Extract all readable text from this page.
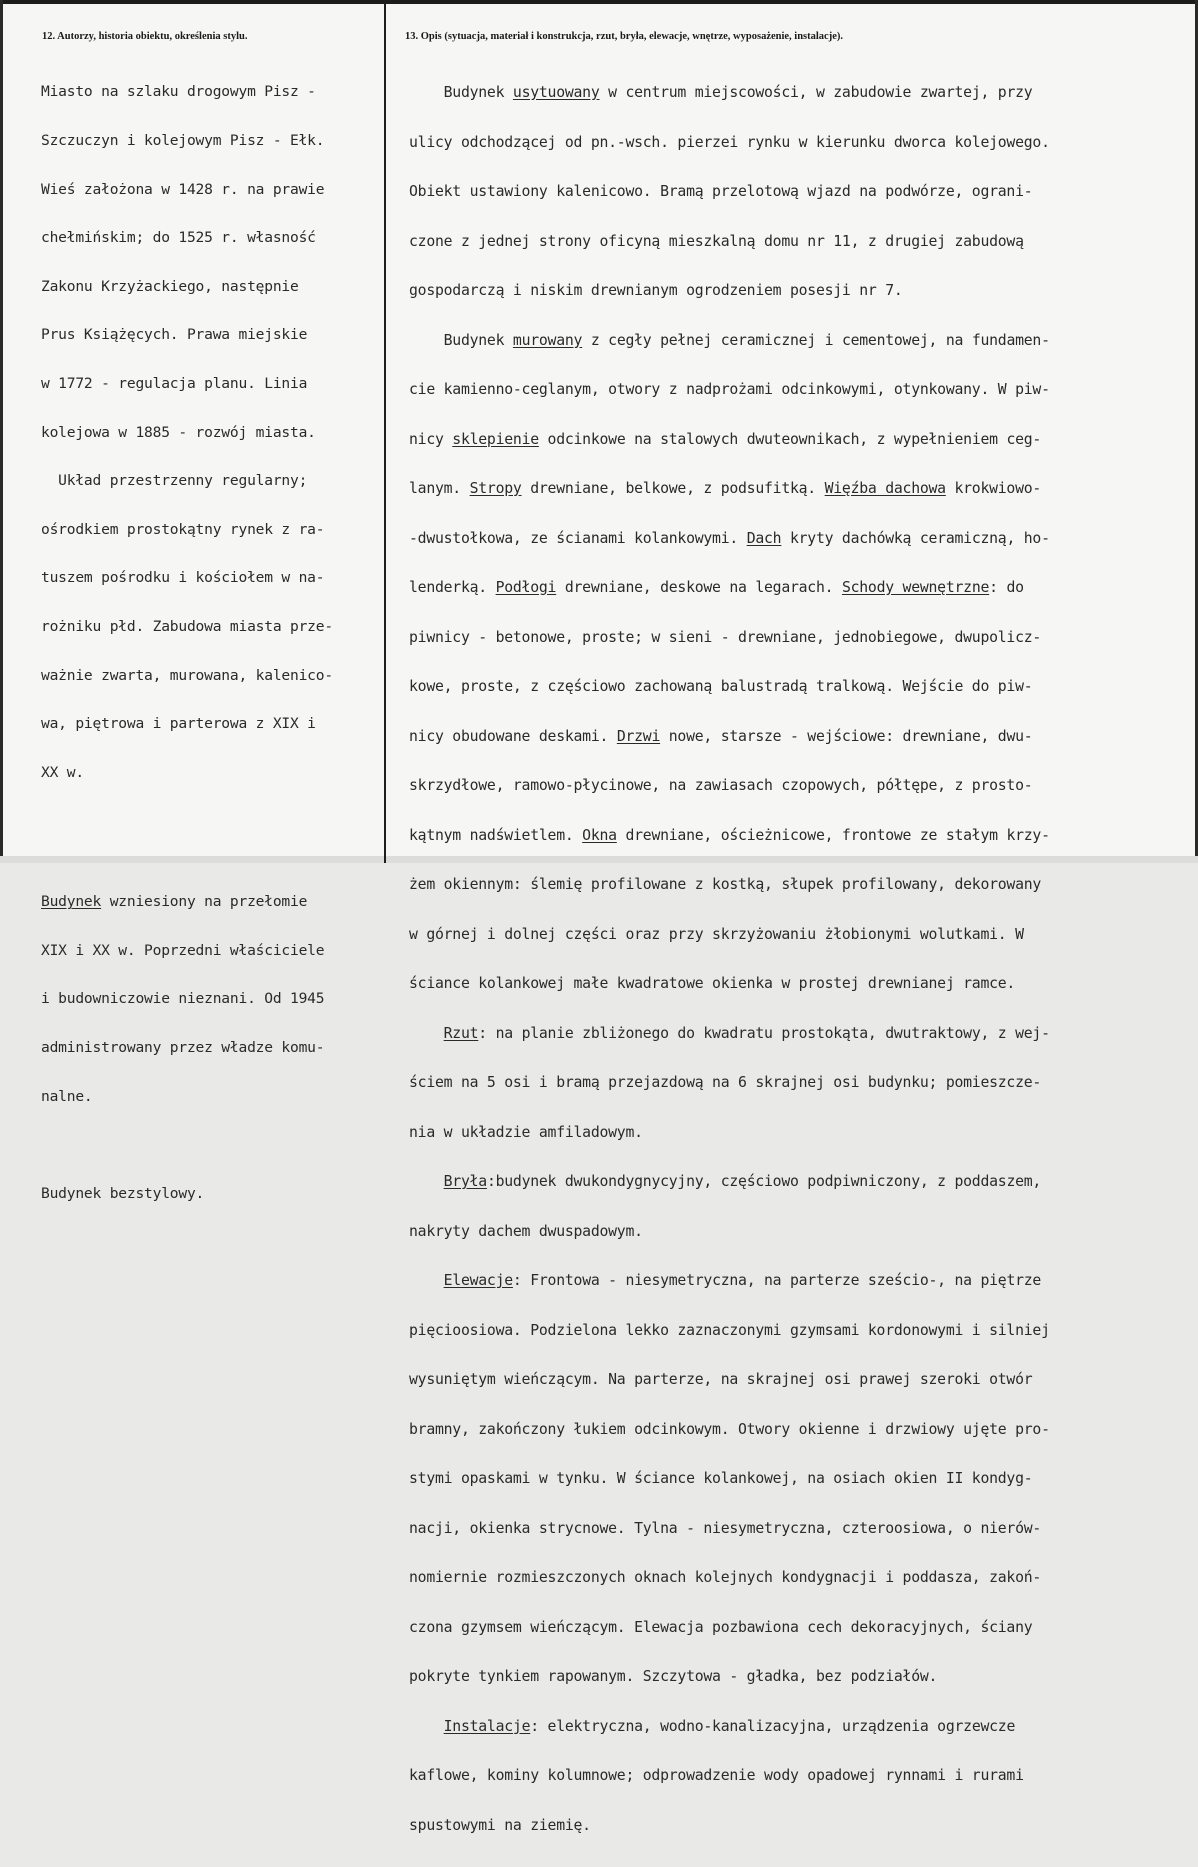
12. Autorzy, historia obiektu, określenia stylu.	13. Opis (sytuacja, materiał i konstrukcja, rzut, bryła, elewacje, wnętrze, wyposażenie, instalacje).

Miasto na szlaku drogowym Pisz -

Szczuczyn i kolejowym Pisz - Ełk.

Wieś założona w 1428 r. na prawie

chełmińskim; do 1525 r. własność

Zakonu Krzyżackiego, następnie

Prus Książęcych. Prawa miejskie

w 1772 - regulacja planu. Linia

kolejowa w 1885 - rozwój miasta.

Układ przestrzenny regularny;

ośrodkiem prostokątny rynek z ra-

tuszem pośrodku i kościołem w na-

rożniku płd. Zabudowa miasta prze-

ważnie zwarta, murowana, kalenico-

wa, piętrowa i parterowa z XIX i

XX w.

Budynek wzniesiony na przełomie

XIX i XX w. Poprzedni właściciele

i budowniczowie nieznani. Od 1945

administrowany przez władze komu-

nalne.

Budynek bezstylowy.

Budynek usytuowany w centrum miejscowości, w zabudowie zwartej, przy

ulicy odchodzącej od pn.-wsch. pierzei rynku w kierunku dworca kolejowego.

Obiekt ustawiony kalenicowo. Bramą przelotową wjazd na podwórze, ograni-

czone z jednej strony oficyną mieszkalną domu nr 11, z drugiej zabudową

gospodarczą i niskim drewnianym ogrodzeniem posesji nr 7.

Budynek murowany z cegły pełnej ceramicznej i cementowej, na fundamen-

cie kamienno-ceglanym, otwory z nadprożami odcinkowymi, otynkowany. W piw-

nicy sklepienie odcinkowe na stalowych dwuteownikach, z wypełnieniem ceg-

lanym. Stropy drewniane, belkowe, z podsufitką. Więźba dachowa krokwiowo-

-dwustołkowa, ze ścianami kolankowymi. Dach kryty dachówką ceramiczną, ho-

lenderką. Podłogi drewniane, deskowe na legarach. Schody wewnętrzne: do

piwnicy - betonowe, proste; w sieni - drewniane, jednobiegowe, dwupolicz-

kowe, proste, z częściowo zachowaną balustradą tralkową. Wejście do piw-

nicy obudowane deskami. Drzwi nowe, starsze - wejściowe: drewniane, dwu-

skrzydłowe, ramowo-płycinowe, na zawiasach czopowych, półtępe, z prosto-

kątnym nadświetlem. Okna drewniane, ościeżnicowe, frontowe ze stałym krzy-

żem okiennym: ślemię profilowane z kostką, słupek profilowany, dekorowany

w górnej i dolnej części oraz przy skrzyżowaniu żłobionymi wolutkami. W

ściance kolankowej małe kwadratowe okienka w prostej drewnianej ramce.

Rzut: na planie zbliżonego do kwadratu prostokąta, dwutraktowy, z wej-

ściem na 5 osi i bramą przejazdową na 6 skrajnej osi budynku; pomieszcze-

nia w układzie amfiladowym.

Bryła:budynek dwukondygnycyjny, częściowo podpiwniczony, z poddaszem,

nakryty dachem dwuspadowym.

Elewacje: Frontowa - niesymetryczna, na parterze sześcio-, na piętrze

pięcioosiowa. Podzielona lekko zaznaczonymi gzymsami kordonowymi i silniej

wysuniętym wieńczącym. Na parterze, na skrajnej osi prawej szeroki otwór

bramny, zakończony łukiem odcinkowym. Otwory okienne i drzwiowy ujęte pro-

stymi opaskami w tynku. W ściance kolankowej, na osiach okien II kondyg-

nacji, okienka strycnowe. Tylna - niesymetryczna, czteroosiowa, o nierów-

nomiernie rozmieszczonych oknach kolejnych kondygnacji i poddasza, zakoń-

czona gzymsem wieńczącym. Elewacja pozbawiona cech dekoracyjnych, ściany

pokryte tynkiem rapowanym. Szczytowa - gładka, bez podziałów.

Instalacje: elektryczna, wodno-kanalizacyjna, urządzenia ogrzewcze

kaflowe, kominy kolumnowe; odprowadzenie wody opadowej rynnami i rurami

spustowymi na ziemię.
